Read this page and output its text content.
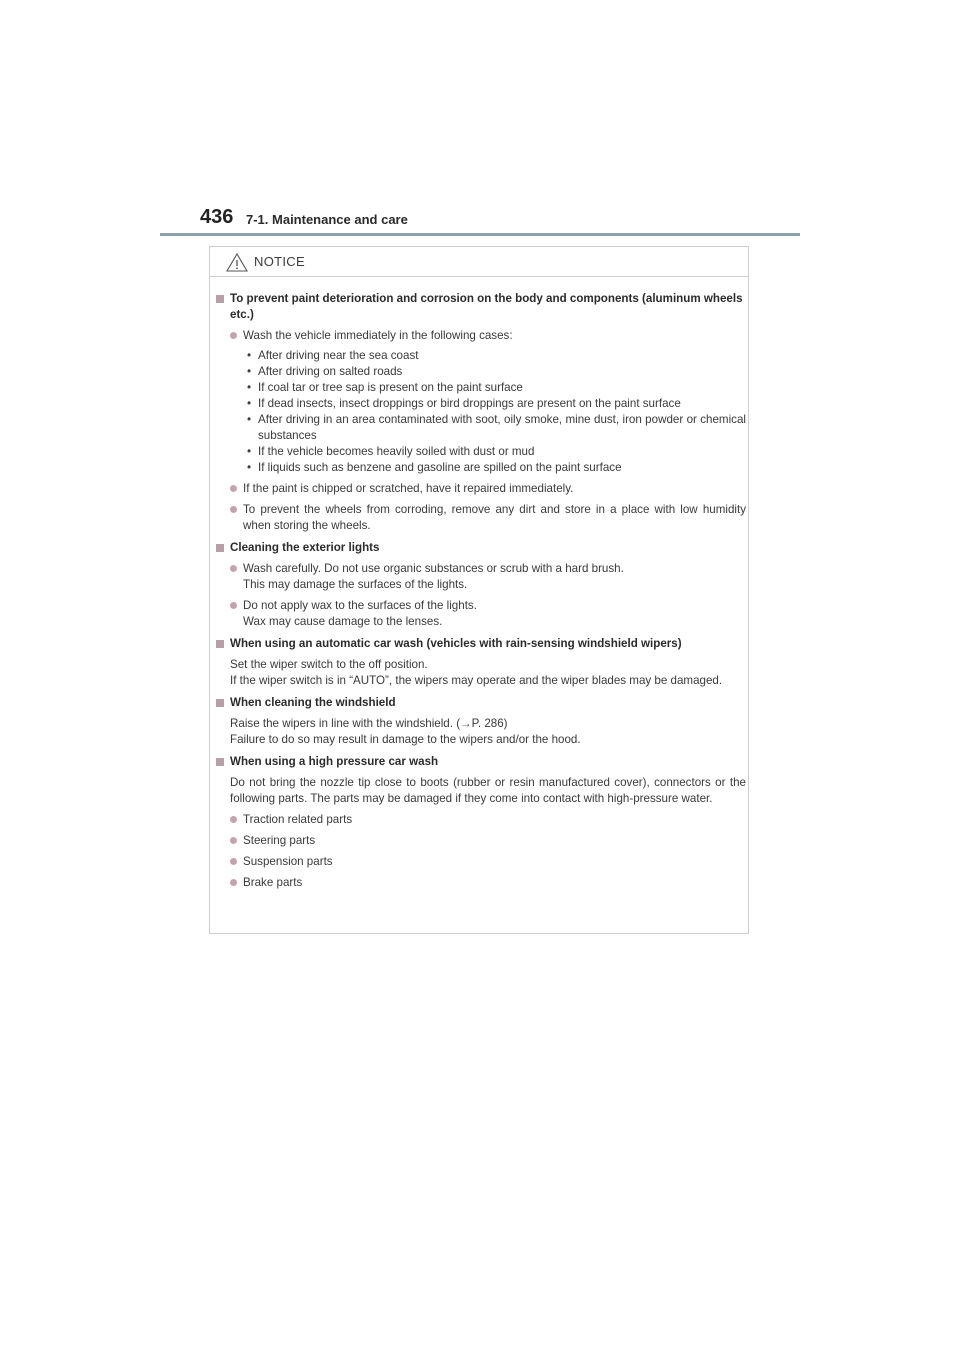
436 7-1. Maintenance and care
NOTICE
To prevent paint deterioration and corrosion on the body and components (aluminum wheels etc.)
Wash the vehicle immediately in the following cases:
• After driving near the sea coast
• After driving on salted roads
• If coal tar or tree sap is present on the paint surface
• If dead insects, insect droppings or bird droppings are present on the paint surface
• After driving in an area contaminated with soot, oily smoke, mine dust, iron powder or chemical substances
• If the vehicle becomes heavily soiled with dust or mud
• If liquids such as benzene and gasoline are spilled on the paint surface
If the paint is chipped or scratched, have it repaired immediately.
To prevent the wheels from corroding, remove any dirt and store in a place with low humidity when storing the wheels.
Cleaning the exterior lights
Wash carefully. Do not use organic substances or scrub with a hard brush.
This may damage the surfaces of the lights.
Do not apply wax to the surfaces of the lights.
Wax may cause damage to the lenses.
When using an automatic car wash (vehicles with rain-sensing windshield wipers)
Set the wiper switch to the off position.
If the wiper switch is in “AUTO”, the wipers may operate and the wiper blades may be damaged.
When cleaning the windshield
Raise the wipers in line with the windshield. (→P. 286)
Failure to do so may result in damage to the wipers and/or the hood.
When using a high pressure car wash
Do not bring the nozzle tip close to boots (rubber or resin manufactured cover), connectors or the following parts. The parts may be damaged if they come into contact with high-pressure water.
Traction related parts
Steering parts
Suspension parts
Brake parts
